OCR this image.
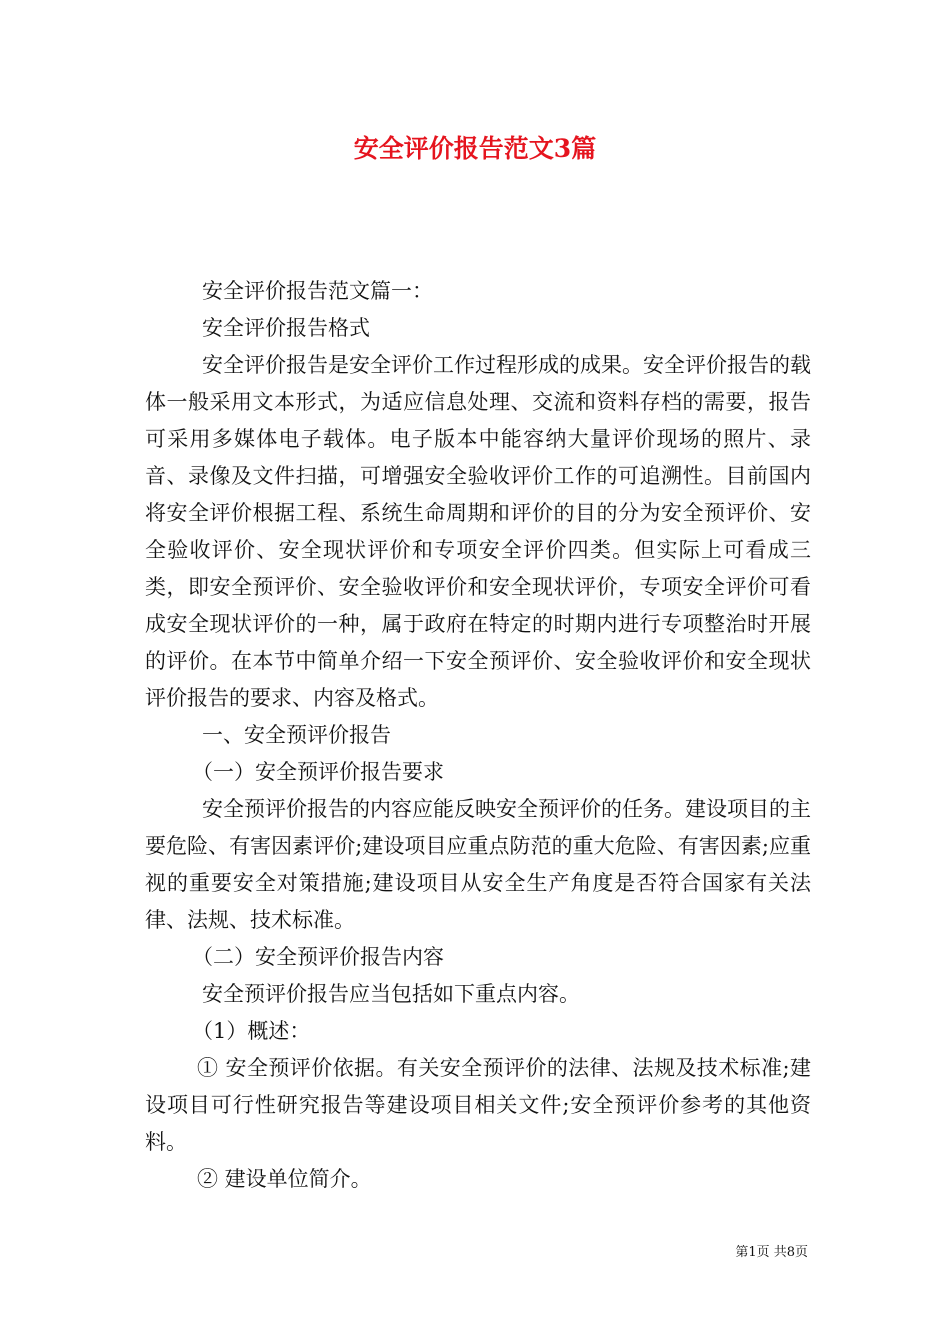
安全评价报告范文3篇

安全评价报告范文篇一：

安全评价报告格式

安全评价报告是安全评价工作过程形成的成果。安全评价报告的载体一般采用文本形式，为适应信息处理、交流和资料存档的需要，报告可采用多媒体电子载体。电子版本中能容纳大量评价现场的照片、录音、录像及文件扫描，可增强安全验收评价工作的可追溯性。目前国内将安全评价根据工程、系统生命周期和评价的目的分为安全预评价、安全验收评价、安全现状评价和专项安全评价四类。但实际上可看成三类，即安全预评价、安全验收评价和安全现状评价，专项安全评价可看成安全现状评价的一种，属于政府在特定的时期内进行专项整治时开展的评价。在本节中简单介绍一下安全预评价、安全验收评价和安全现状评价报告的要求、内容及格式。

一、安全预评价报告

（一）安全预评价报告要求

安全预评价报告的内容应能反映安全预评价的任务。建设项目的主要危险、有害因素评价;建设项目应重点防范的重大危险、有害因素;应重视的重要安全对策措施;建设项目从安全生产角度是否符合国家有关法律、法规、技术标准。

（二）安全预评价报告内容

安全预评价报告应当包括如下重点内容。

（1）概述：

① 安全预评价依据。有关安全预评价的法律、法规及技术标准;建设项目可行性研究报告等建设项目相关文件;安全预评价参考的其他资料。

② 建设单位简介。

第1页 共8页
